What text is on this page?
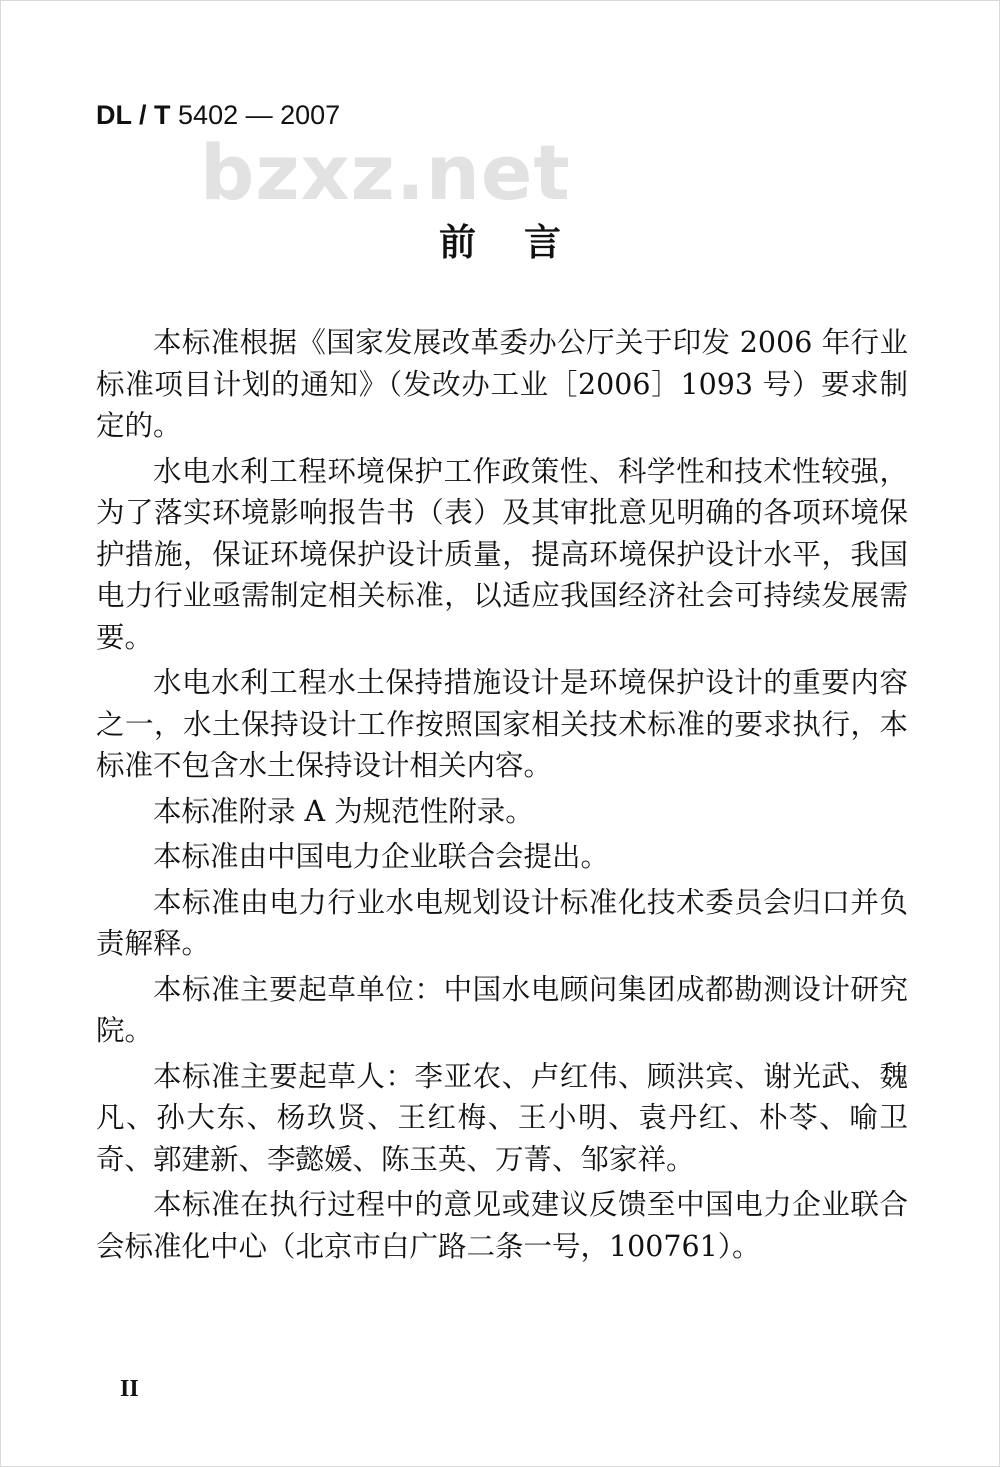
DL / T 5402 — 2007
bzxz.net
前言

本标准根据《国家发展改革委办公厅关于印发 2006 年行业标准项目计划的通知》（发改办工业［2006］1093 号）要求制定的。

水电水利工程环境保护工作政策性、科学性和技术性较强，为了落实环境影响报告书（表）及其审批意见明确的各项环境保护措施，保证环境保护设计质量，提高环境保护设计水平，我国电力行业亟需制定相关标准，以适应我国经济社会可持续发展需要。

水电水利工程水土保持措施设计是环境保护设计的重要内容之一，水土保持设计工作按照国家相关技术标准的要求执行，本标准不包含水土保持设计相关内容。

本标准附录 A 为规范性附录。

本标准由中国电力企业联合会提出。

本标准由电力行业水电规划设计标准化技术委员会归口并负责解释。

本标准主要起草单位：中国水电顾问集团成都勘测设计研究院。

本标准主要起草人：李亚农、卢红伟、顾洪宾、谢光武、魏凡、孙大东、杨玖贤、王红梅、王小明、袁丹红、朴苓、喻卫奇、郭建新、李懿媛、陈玉英、万菁、邹家祥。

本标准在执行过程中的意见或建议反馈至中国电力企业联合会标准化中心（北京市白广路二条一号，100761）。

II
